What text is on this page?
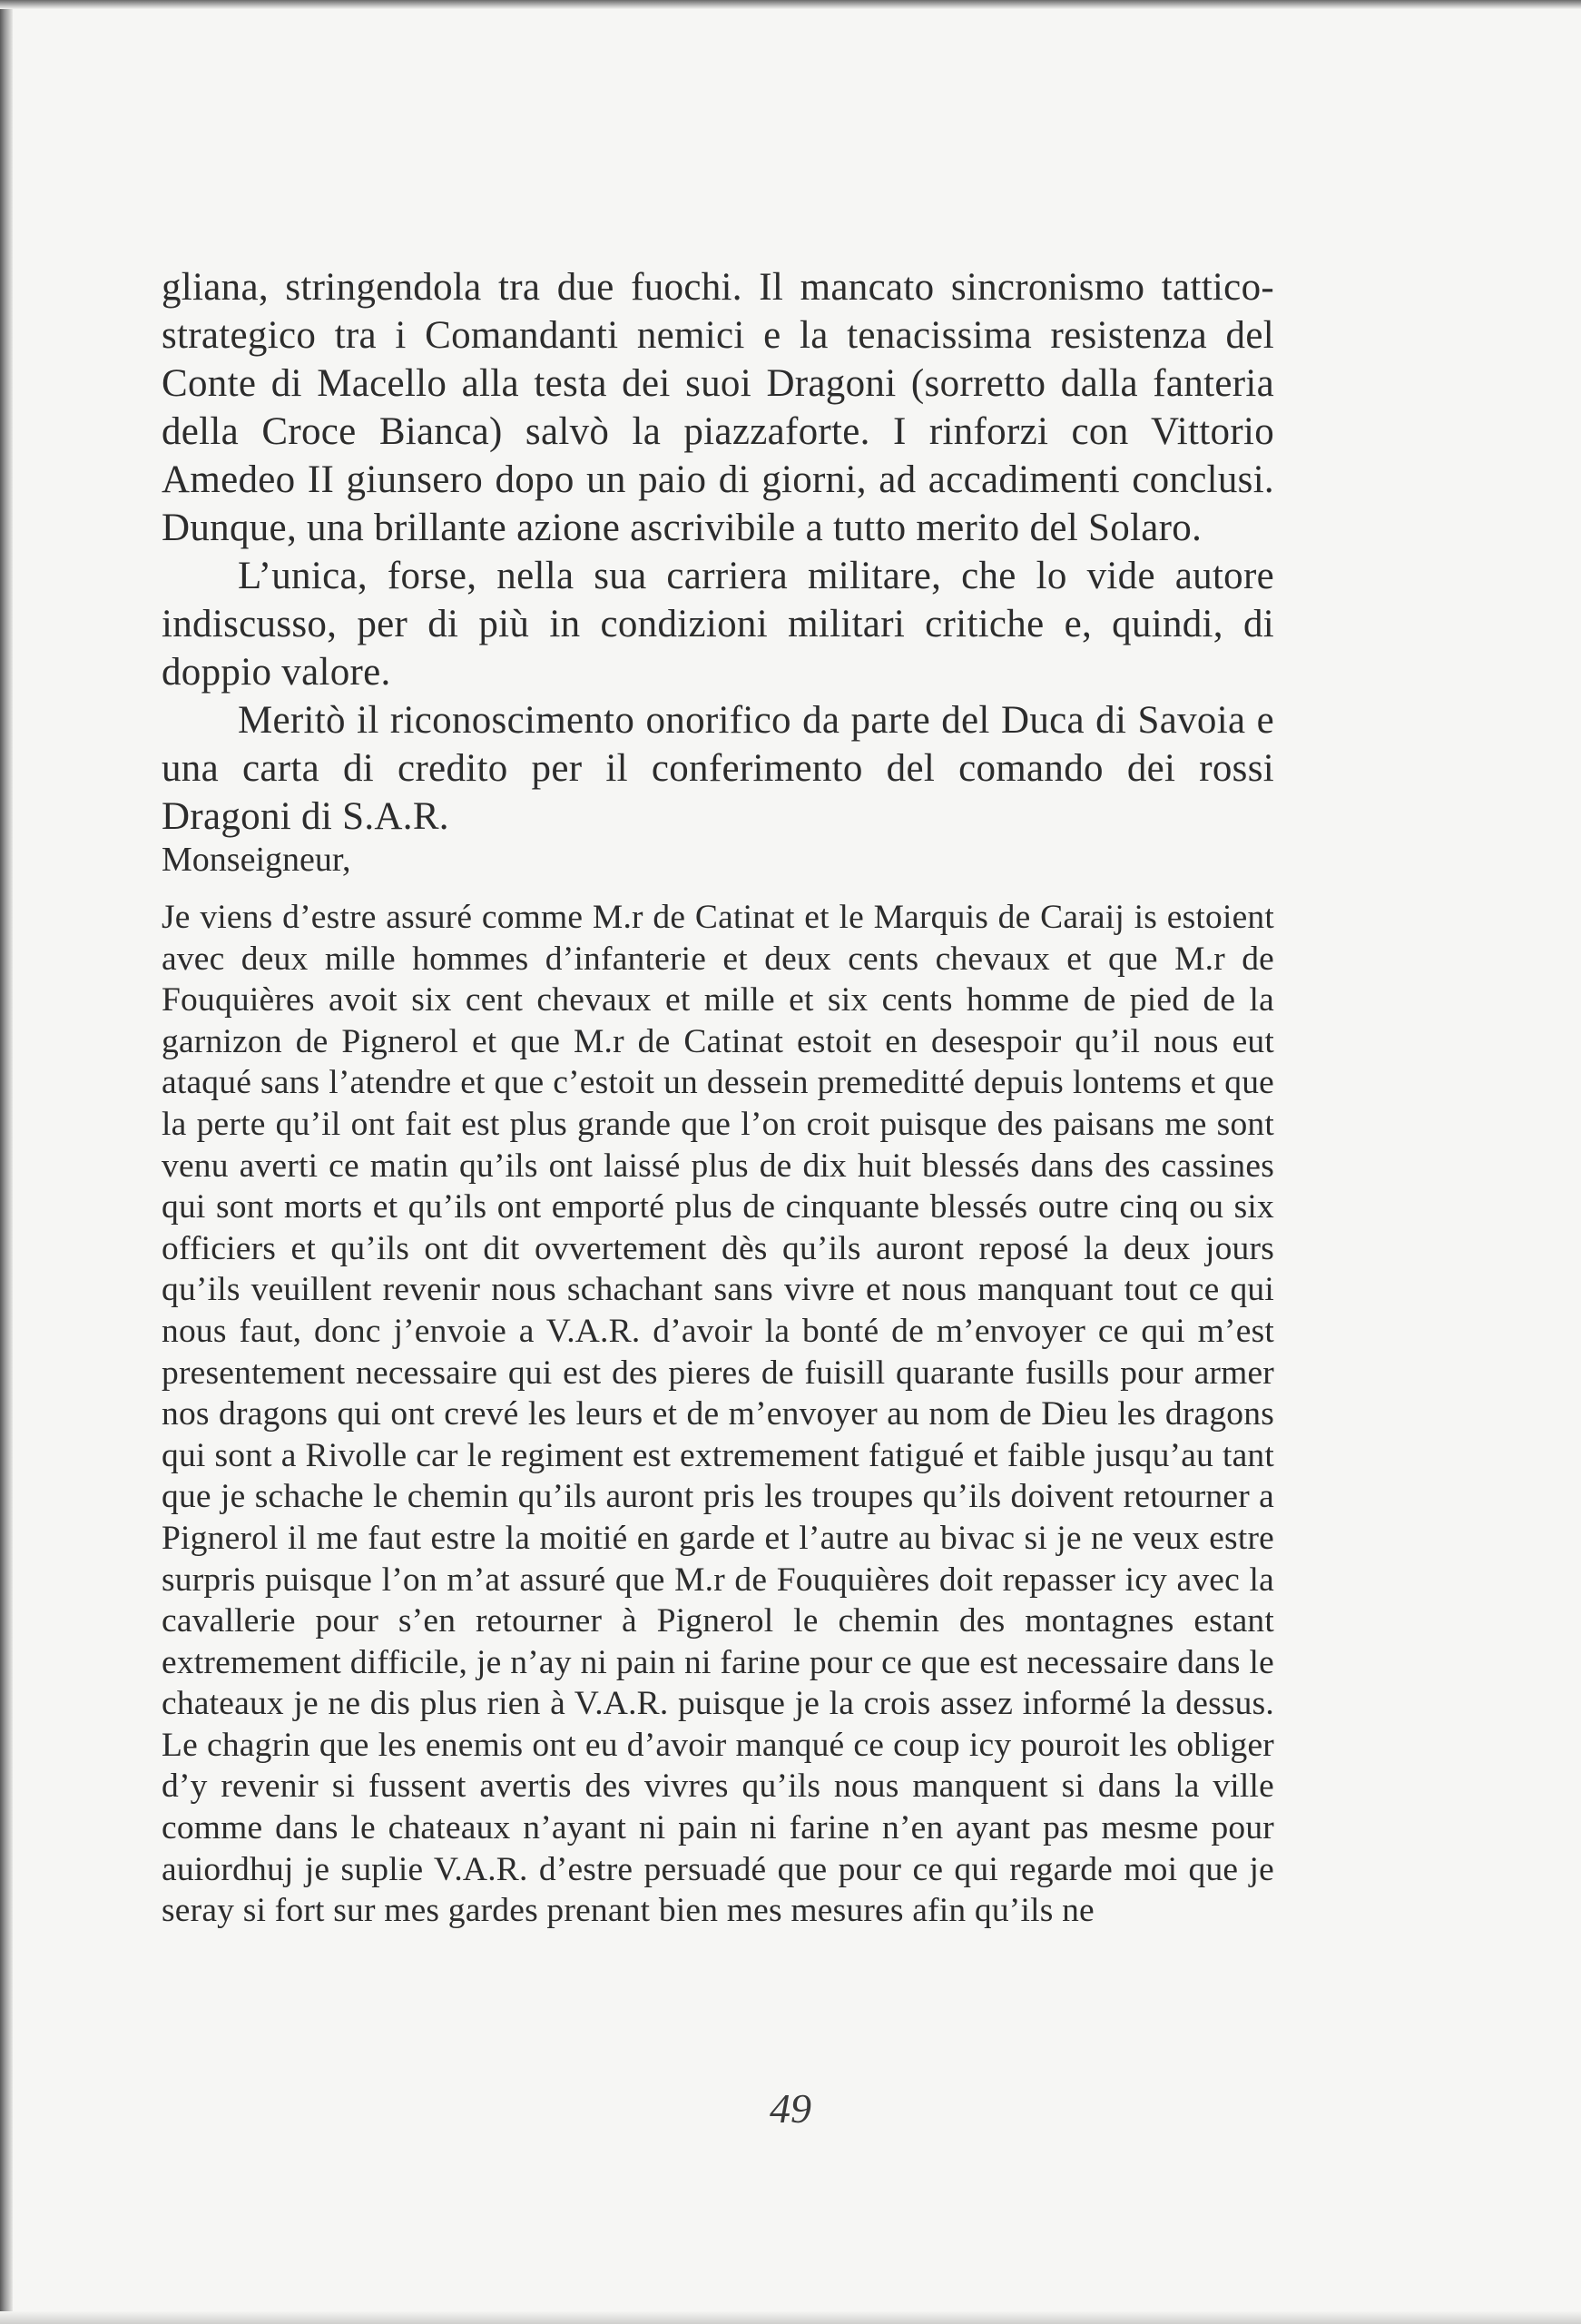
gliana, stringendola tra due fuochi. Il mancato sincronismo tattico-strategico tra i Comandanti nemici e la tenacissima resistenza del Conte di Macello alla testa dei suoi Dragoni (sorretto dalla fanteria della Croce Bianca) salvò la piazzaforte. I rinforzi con Vittorio Amedeo II giunsero dopo un paio di giorni, ad accadimenti conclusi. Dunque, una brillante azione ascrivibile a tutto merito del Solaro.

L’unica, forse, nella sua carriera militare, che lo vide autore indiscusso, per di più in condizioni militari critiche e, quindi, di doppio valore.

Meritò il riconoscimento onorifico da parte del Duca di Savoia e una carta di credito per il conferimento del comando dei rossi Dragoni di S.A.R.

Monseigneur,

Je viens d’estre assuré comme M.r de Catinat et le Marquis de Caraij is estoient avec deux mille hommes d’infanterie et deux cents chevaux et que M.r de Fouquières avoit six cent chevaux et mille et six cents homme de pied de la garnizon de Pignerol et que M.r de Catinat estoit en desespoir qu’il nous eut ataqué sans l’atendre et que c’estoit un dessein premeditté depuis lontems et que la perte qu’il ont fait est plus grande que l’on croit puisque des paisans me sont venu averti ce matin qu’ils ont laissé plus de dix huit blessés dans des cassines qui sont morts et qu’ils ont emporté plus de cinquante blessés outre cinq ou six officiers et qu’ils ont dit ovvertement dès qu’ils auront reposé la deux jours qu’ils veuillent revenir nous schachant sans vivre et nous manquant tout ce qui nous faut, donc j’envoie a V.A.R. d’avoir la bonté de m’envoyer ce qui m’est presentement necessaire qui est des pieres de fuisill quarante fusills pour armer nos dragons qui ont crevé les leurs et de m’envoyer au nom de Dieu les dragons qui sont a Rivolle car le regiment est extremement fatigué et faible jusqu’au tant que je schache le chemin qu’ils auront pris les troupes qu’ils doivent retourner a Pignerol il me faut estre la moitié en garde et l’autre au bivac si je ne veux estre surpris puisque l’on m’at assuré que M.r de Fouquières doit repasser icy avec la cavallerie pour s’en retourner à Pignerol le chemin des montagnes estant extremement difficile, je n’ay ni pain ni farine pour ce que est necessaire dans le chateaux je ne dis plus rien à V.A.R. puisque je la crois assez informé la dessus. Le chagrin que les enemis ont eu d’avoir manqué ce coup icy pouroit les obliger d’y revenir si fussent avertis des vivres qu’ils nous manquent si dans la ville comme dans le chateaux n’ayant ni pain ni farine n’en ayant pas mesme pour auiordhuj je suplie V.A.R. d’estre persuadé que pour ce qui regarde moi que je seray si fort sur mes gardes prenant bien mes mesures afin qu’ils ne

49
